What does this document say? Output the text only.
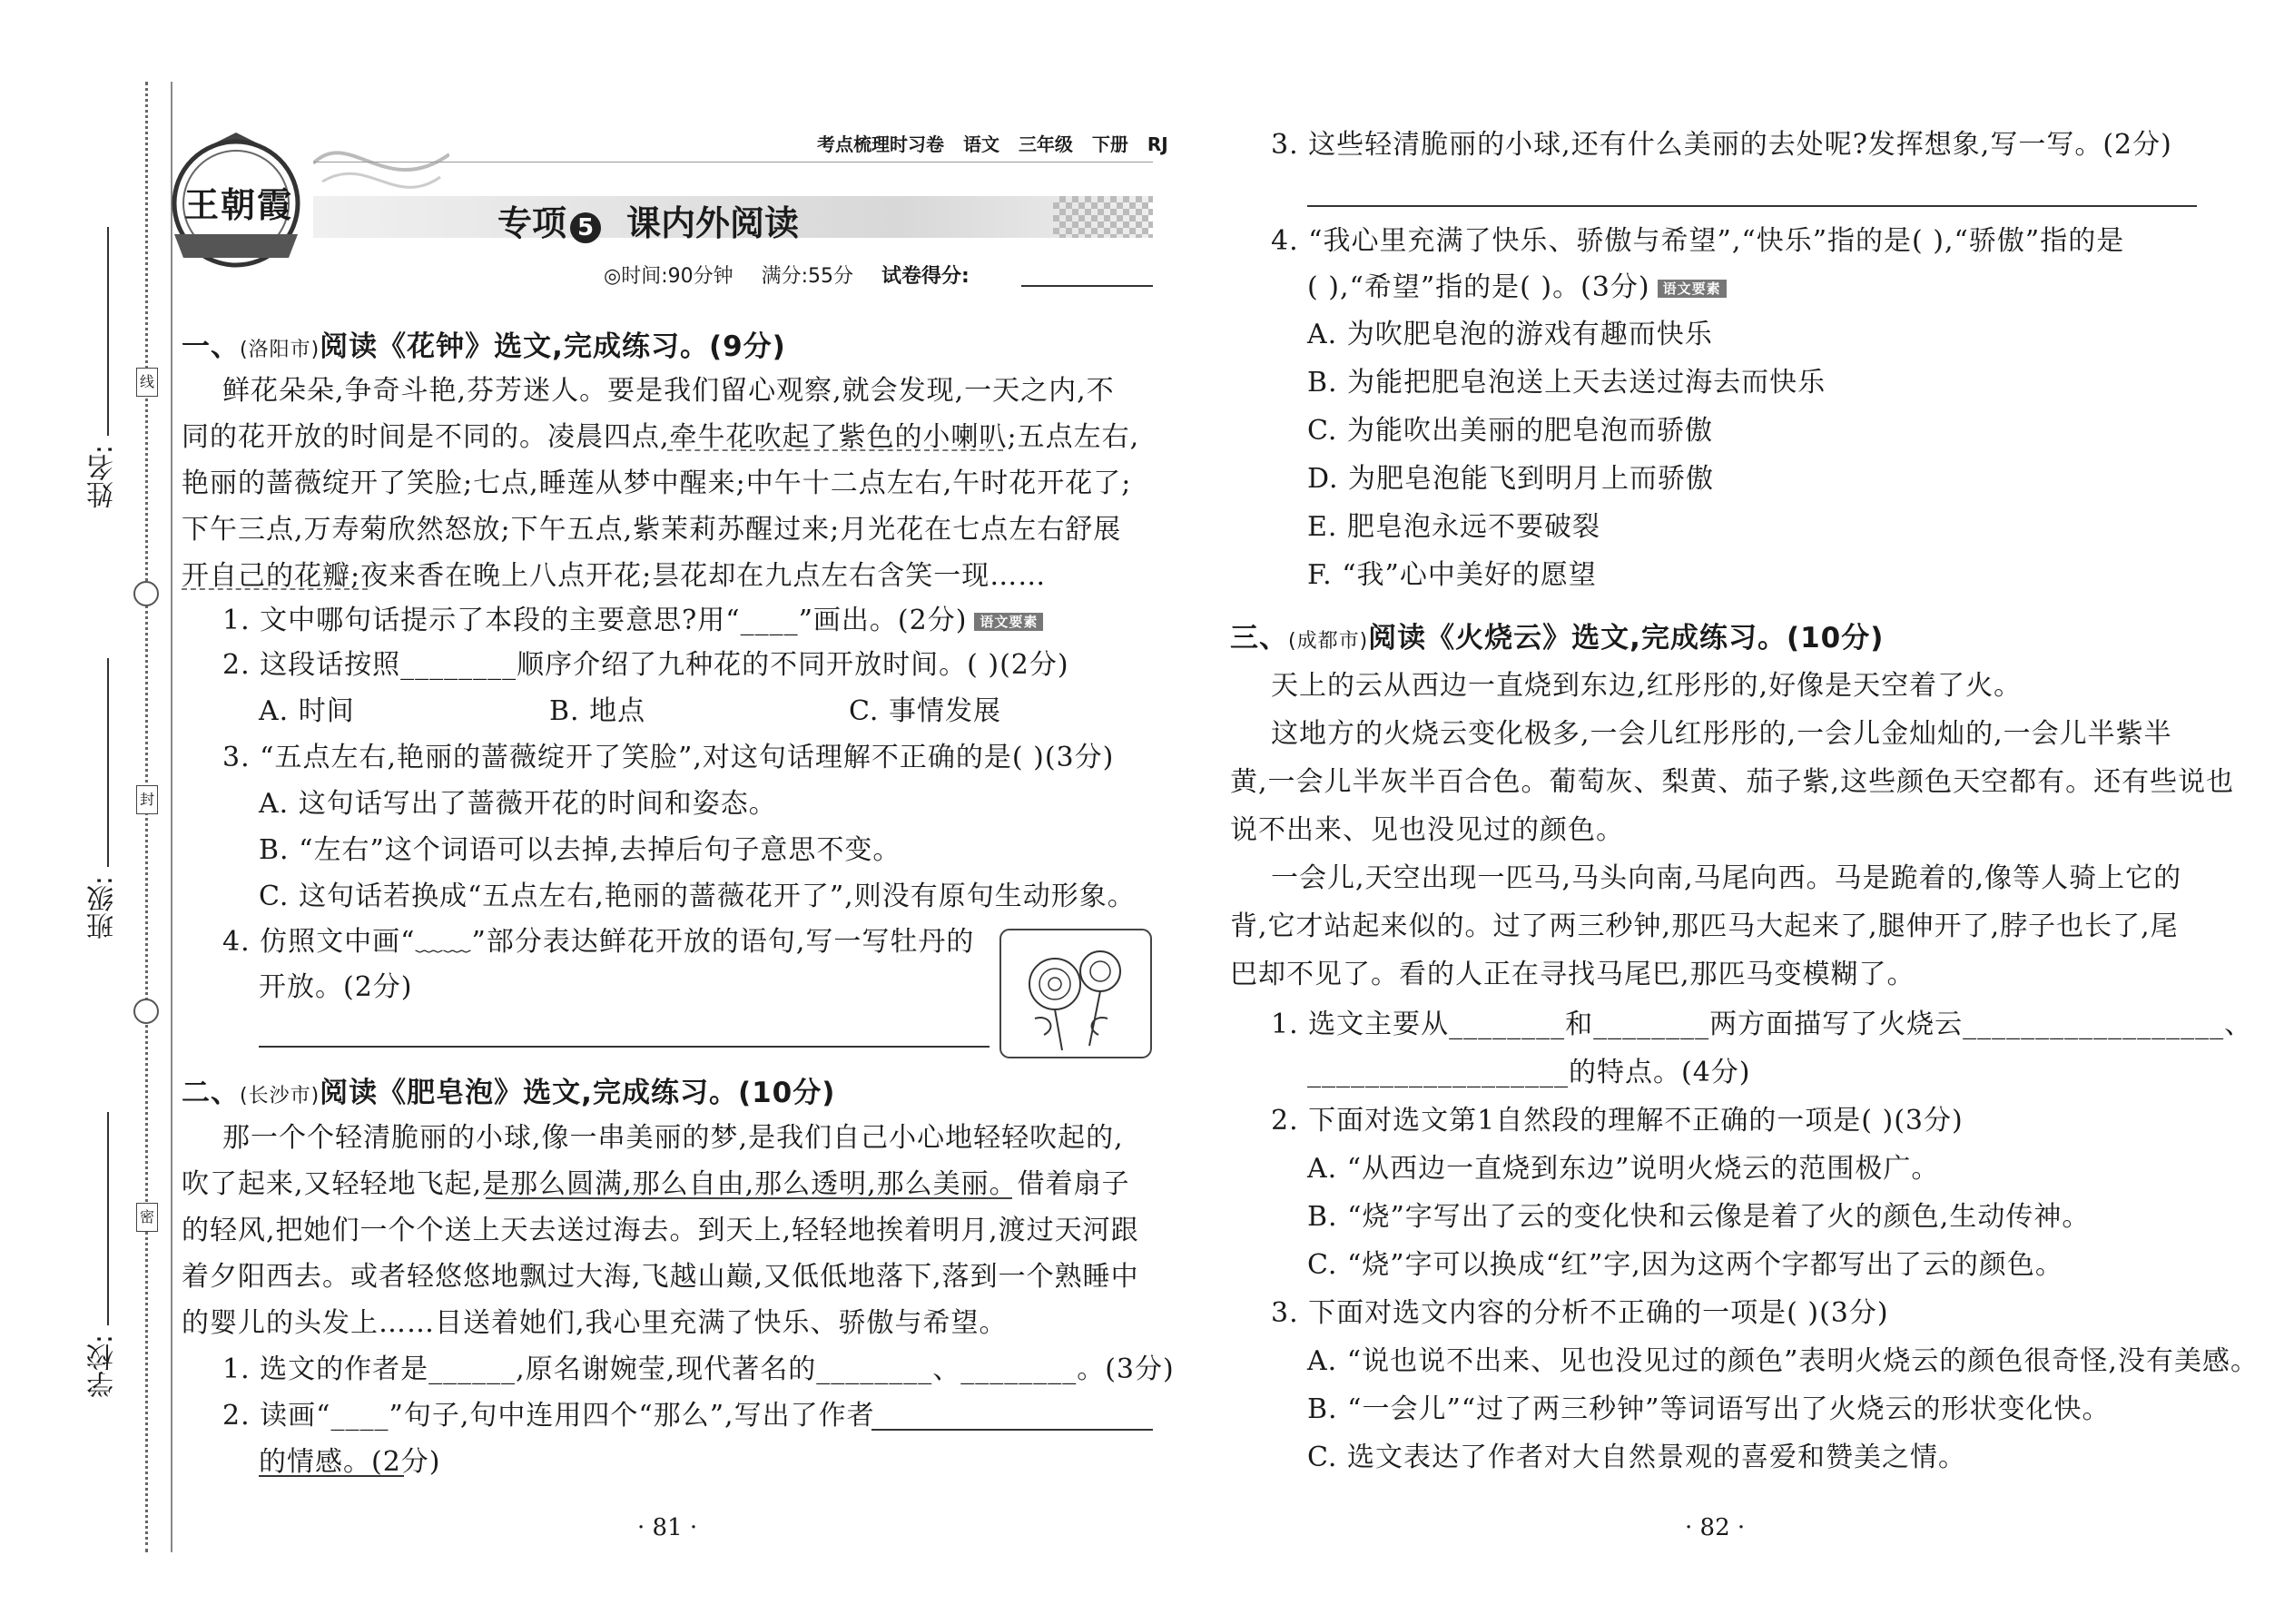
姓名:
班级:
学校:
线
封
密
王朝霞
考点梳理时习卷 语文 三年级 下册 RJ
专项 5 课内外阅读
◎时间:90分钟 满分:55分 试卷得分:
一、(洛阳市)阅读《花钟》选文,完成练习。(9分)
鲜花朵朵,争奇斗艳,芬芳迷人。要是我们留心观察,就会发现,一天之内,不
同的花开放的时间是不同的。凌晨四点,牵牛花吹起了紫色的小喇叭;五点左右,
艳丽的蔷薇绽开了笑脸;七点,睡莲从梦中醒来;中午十二点左右,午时花开花了;
下午三点,万寿菊欣然怒放;下午五点,紫茉莉苏醒过来;月光花在七点左右舒展
开自己的花瓣;夜来香在晚上八点开花;昙花却在九点左右含笑一现……
1. 文中哪句话提示了本段的主要意思?用“____”画出。(2分) 语文要素
2. 这段话按照________顺序介绍了九种花的不同开放时间。( )(2分)
A. 时间	B. 地点	C. 事情发展
3. “五点左右,艳丽的蔷薇绽开了笑脸”,对这句话理解不正确的是( )(3分)
A. 这句话写出了蔷薇开花的时间和姿态。
B. “左右”这个词语可以去掉,去掉后句子意思不变。
C. 这句话若换成“五点左右,艳丽的蔷薇花开了”,则没有原句生动形象。
4. 仿照文中画“﹏﹏”部分表达鲜花开放的语句,写一写牡丹的
开放。(2分)
二、(长沙市)阅读《肥皂泡》选文,完成练习。(10分)
那一个个轻清脆丽的小球,像一串美丽的梦,是我们自己小心地轻轻吹起的,
吹了起来,又轻轻地飞起,是那么圆满,那么自由,那么透明,那么美丽。借着扇子
的轻风,把她们一个个送上天去送过海去。到天上,轻轻地挨着明月,渡过天河跟
着夕阳西去。或者轻悠悠地飘过大海,飞越山巅,又低低地落下,落到一个熟睡中
的婴儿的头发上……目送着她们,我心里充满了快乐、骄傲与希望。
1. 选文的作者是______,原名谢婉莹,现代著名的________、________。(3分)
2. 读画“____”句子,句中连用四个“那么”,写出了作者
的情感。(2分)
· 81 ·
3. 这些轻清脆丽的小球,还有什么美丽的去处呢?发挥想象,写一写。(2分)
4. “我心里充满了快乐、骄傲与希望”,“快乐”指的是( ),“骄傲”指的是
( ),“希望”指的是( )。(3分) 语文要素
A. 为吹肥皂泡的游戏有趣而快乐
B. 为能把肥皂泡送上天去送过海去而快乐
C. 为能吹出美丽的肥皂泡而骄傲
D. 为肥皂泡能飞到明月上而骄傲
E. 肥皂泡永远不要破裂
F. “我”心中美好的愿望
三、(成都市)阅读《火烧云》选文,完成练习。(10分)
天上的云从西边一直烧到东边,红彤彤的,好像是天空着了火。
这地方的火烧云变化极多,一会儿红彤彤的,一会儿金灿灿的,一会儿半紫半
黄,一会儿半灰半百合色。葡萄灰、梨黄、茄子紫,这些颜色天空都有。还有些说也
说不出来、见也没见过的颜色。
一会儿,天空出现一匹马,马头向南,马尾向西。马是跪着的,像等人骑上它的
背,它才站起来似的。过了两三秒钟,那匹马大起来了,腿伸开了,脖子也长了,尾
巴却不见了。看的人正在寻找马尾巴,那匹马变模糊了。
1. 选文主要从________和________两方面描写了火烧云__________________、
__________________的特点。(4分)
2. 下面对选文第1自然段的理解不正确的一项是( )(3分)
A. “从西边一直烧到东边”说明火烧云的范围极广。
B. “烧”字写出了云的变化快和云像是着了火的颜色,生动传神。
C. “烧”字可以换成“红”字,因为这两个字都写出了云的颜色。
3. 下面对选文内容的分析不正确的一项是( )(3分)
A. “说也说不出来、见也没见过的颜色”表明火烧云的颜色很奇怪,没有美感。
B. “一会儿”“过了两三秒钟”等词语写出了火烧云的形状变化快。
C. 选文表达了作者对大自然景观的喜爱和赞美之情。
· 82 ·
